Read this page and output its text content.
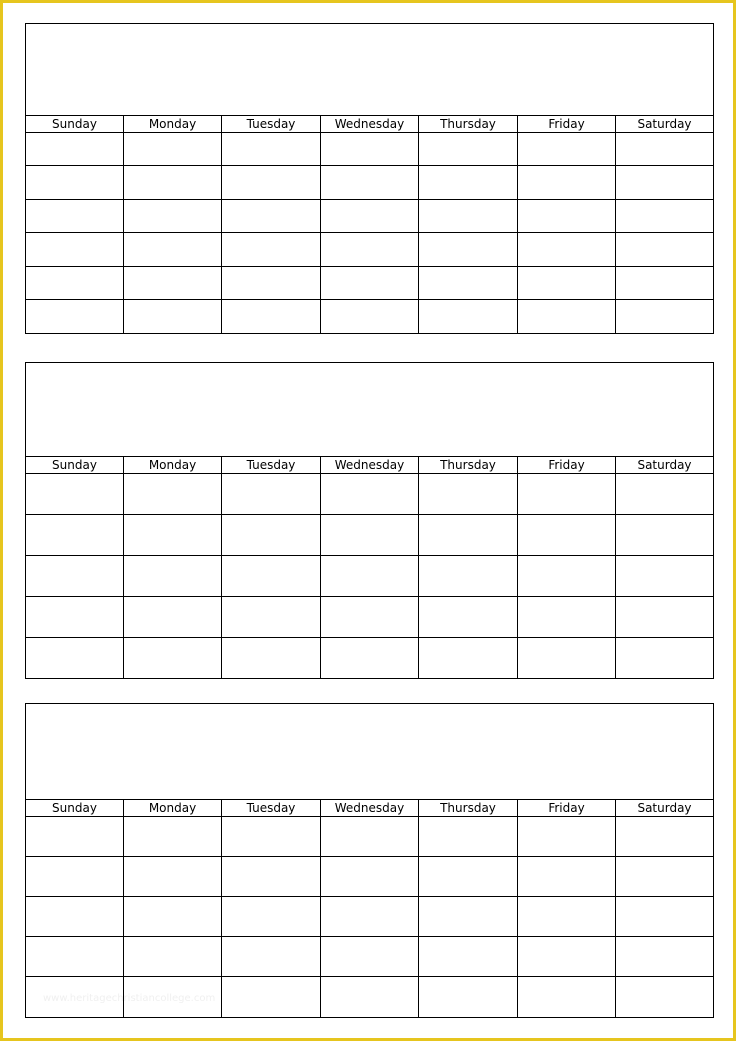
Sunday	Monday	Tuesday	Wednesday	Thursday	Friday	Saturday
Sunday	Monday	Tuesday	Wednesday	Thursday	Friday	Saturday
Sunday	Monday	Tuesday	Wednesday	Thursday	Friday	Saturday
www.heritagechristiancollege.com
